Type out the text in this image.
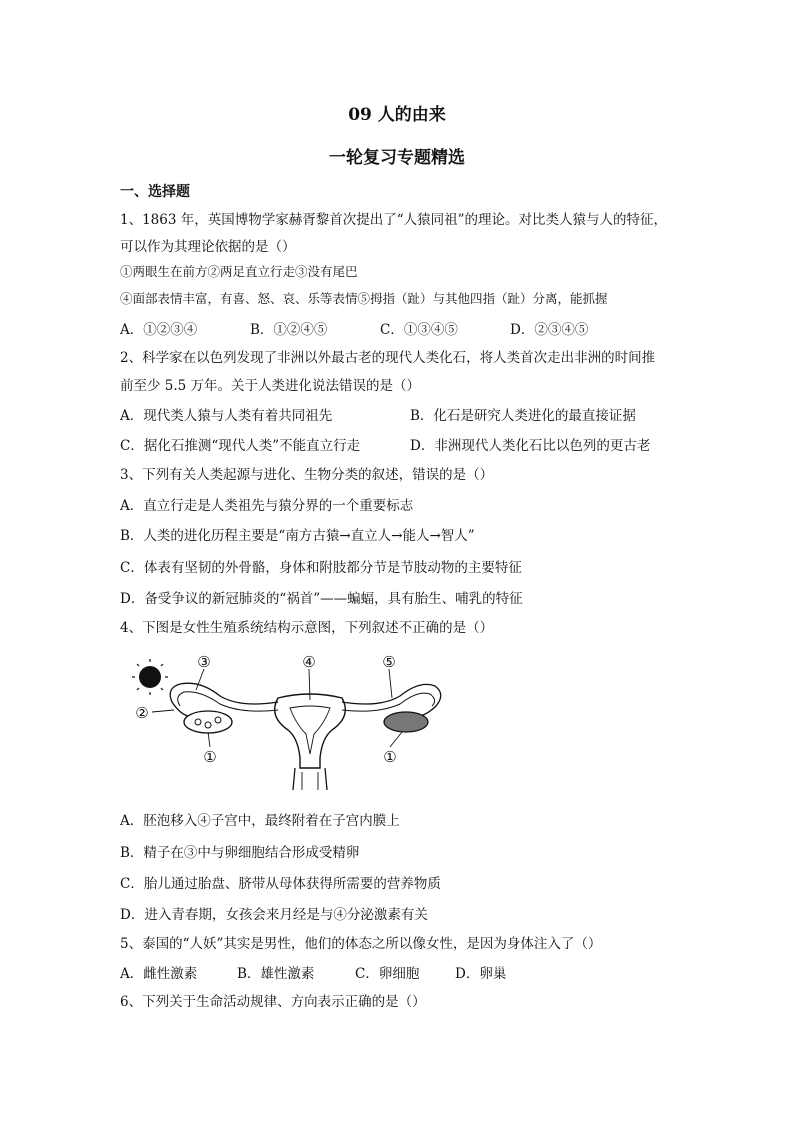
09 人的由来
一轮复习专题精选
一、选择题
1、1863 年，英国博物学家赫胥黎首次提出了“人猿同祖”的理论。对比类人猿与人的特征，
可以作为其理论依据的是（）
①两眼生在前方②两足直立行走③没有尾巴
④面部表情丰富，有喜、怒、哀、乐等表情⑤拇指（趾）与其他四指（趾）分离，能抓握
A．①②③④	B．①②④⑤	C．①③④⑤	D．②③④⑤
2、科学家在以色列发现了非洲以外最古老的现代人类化石，将人类首次走出非洲的时间推
前至少 5.5 万年。关于人类进化说法错误的是（）
A．现代类人猿与人类有着共同祖先	B．化石是研究人类进化的最直接证据
C．据化石推测“现代人类”不能直立行走	D．非洲现代人类化石比以色列的更古老
3、下列有关人类起源与进化、生物分类的叙述，错误的是（）
A．直立行走是人类祖先与猿分界的一个重要标志
B．人类的进化历程主要是“南方古猿→直立人→能人→智人”
C．体表有坚韧的外骨骼，身体和附肢都分节是节肢动物的主要特征
D．备受争议的新冠肺炎的“祸首”——蝙蝠，具有胎生、哺乳的特征
4、下图是女性生殖系统结构示意图，下列叙述不正确的是（）
③	④	⑤
②
①	①
A．胚泡移入④子宫中，最终附着在子宫内膜上
B．精子在③中与卵细胞结合形成受精卵
C．胎儿通过胎盘、脐带从母体获得所需要的营养物质
D．进入青春期，女孩会来月经是与④分泌激素有关
5、泰国的“人妖”其实是男性，他们的体态之所以像女性，是因为身体注入了（）
A．雌性激素	B．雄性激素	C．卵细胞	D．卵巢
6、下列关于生命活动规律、方向表示正确的是（）
